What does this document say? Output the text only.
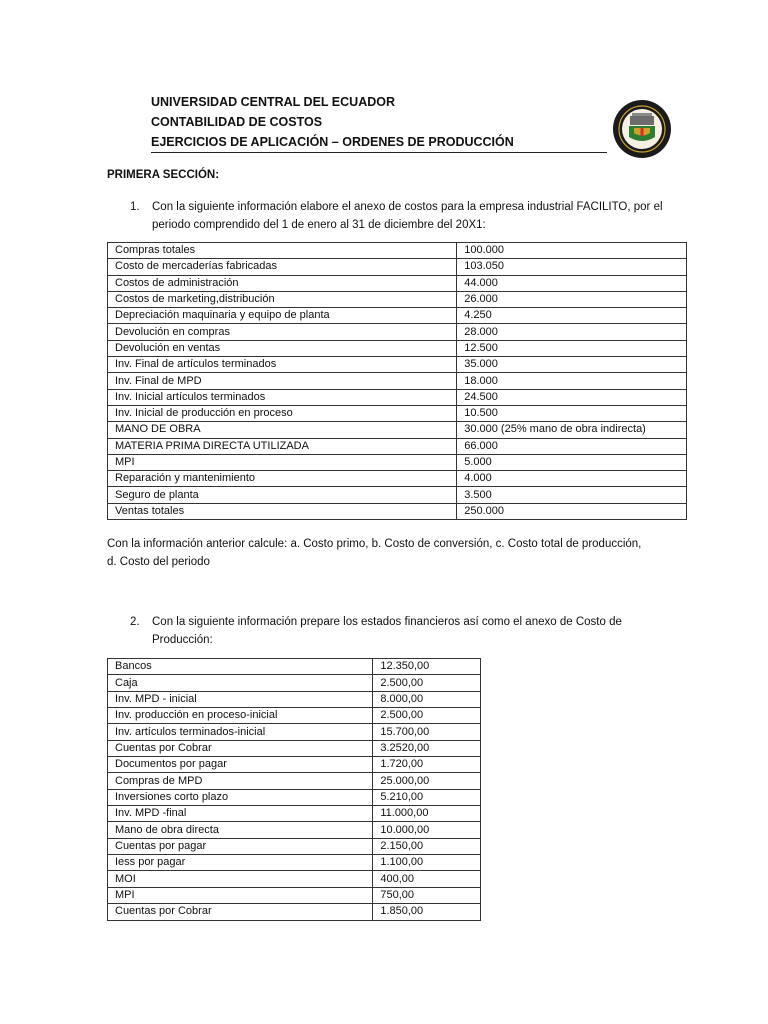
UNIVERSIDAD CENTRAL DEL ECUADOR
CONTABILIDAD DE COSTOS
EJERCICIOS DE APLICACIÓN – ORDENES DE PRODUCCIÓN
PRIMERA SECCIÓN:
1. Con la siguiente información elabore el anexo de costos para la empresa industrial FACILITO, por el
periodo comprendido del 1 de enero al 31 de diciembre del 20X1:
Compras totales	100.000
Costo de mercaderías fabricadas	103.050
Costos de administración	44.000
Costos de marketing,distribución	26.000
Depreciación maquinaria y equipo de planta	4.250
Devolución en compras	28.000
Devolución en ventas	12.500
Inv. Final de artículos terminados	35.000
Inv. Final de MPD	18.000
Inv. Inicial artículos terminados	24.500
Inv. Inicial de producción en proceso	10.500
MANO DE OBRA	30.000 (25% mano de obra indirecta)
MATERIA PRIMA DIRECTA UTILIZADA	66.000
MPI	5.000
Reparación y mantenimiento	4.000
Seguro de planta	3.500
Ventas totales	250.000
Con la información anterior calcule: a. Costo primo, b. Costo de conversión, c. Costo total de producción,
d. Costo del periodo
2. Con la siguiente información prepare los estados financieros así como el anexo de Costo de
Producción:
Bancos	12.350,00
Caja	2.500,00
Inv. MPD - inicial	8.000,00
Inv. producción en proceso-inicial	2.500,00
Inv. artículos terminados-inicial	15.700,00
Cuentas por Cobrar	3.2520,00
Documentos por pagar	1.720,00
Compras de MPD	25.000,00
Inversiones corto plazo	5.210,00
Inv. MPD -final	11.000,00
Mano de obra directa	10.000,00
Cuentas por pagar	2.150,00
Iess por pagar	1.100,00
MOI	400,00
MPI	750,00
Cuentas por Cobrar	1.850,00
